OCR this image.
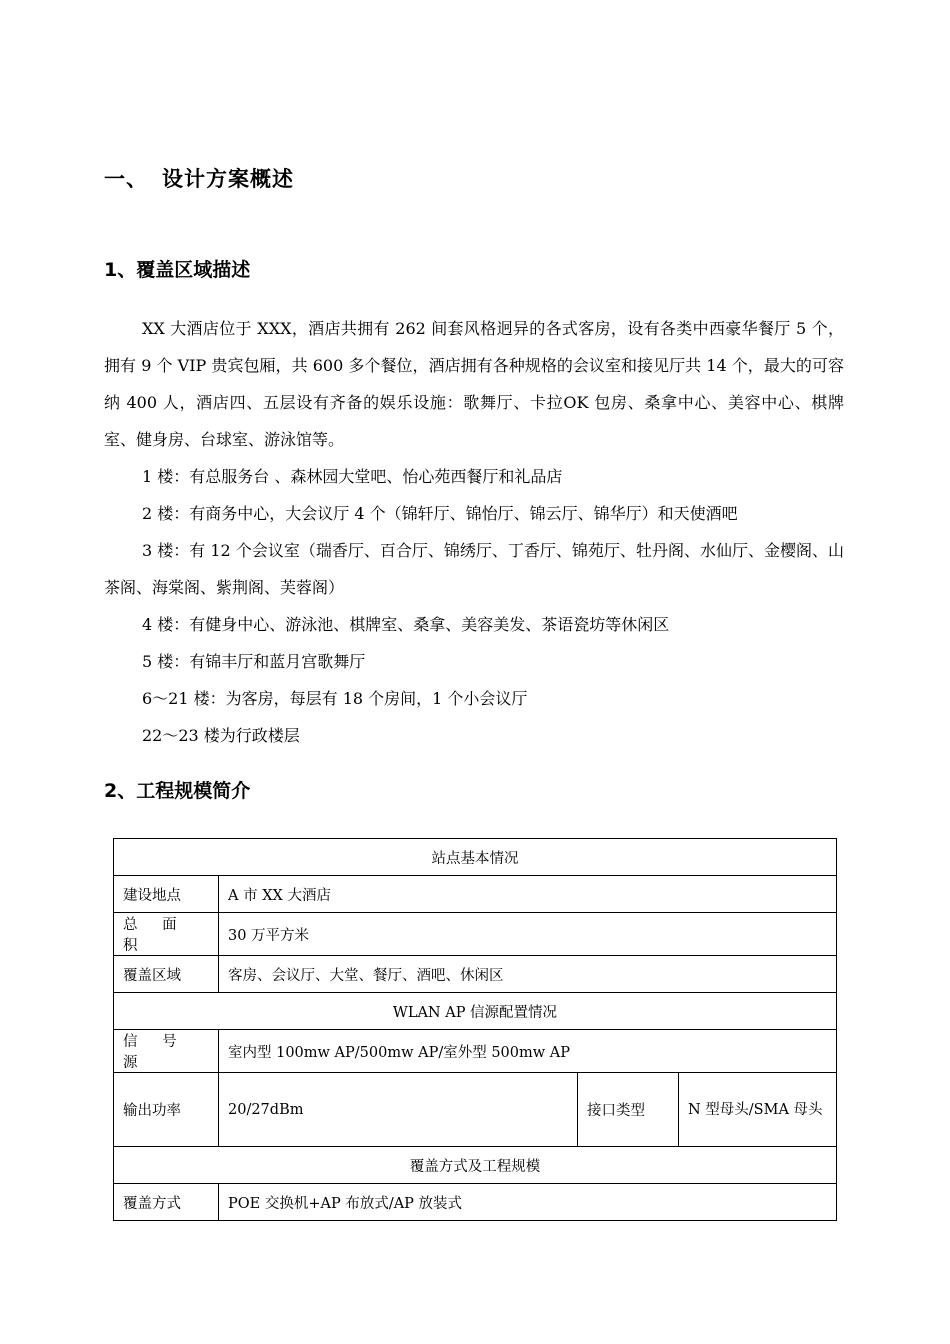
一、 设计方案概述
1、覆盖区域描述

XX 大酒店位于 XXX，酒店共拥有 262 间套风格迥异的各式客房，设有各类中西豪华餐厅 5 个，拥有 9 个 VIP 贵宾包厢，共 600 多个餐位，酒店拥有各种规格的会议室和接见厅共 14 个，最大的可容纳 400 人，酒店四、五层设有齐备的娱乐设施：歌舞厅、卡拉OK 包房、桑拿中心、美容中心、棋牌室、健身房、台球室、游泳馆等。

1 楼：有总服务台 、森林园大堂吧、怡心苑西餐厅和礼品店

2 楼：有商务中心，大会议厅 4 个（锦轩厅、锦怡厅、锦云厅、锦华厅）和天使酒吧

3 楼：有 12 个会议室（瑞香厅、百合厅、锦绣厅、丁香厅、锦苑厅、牡丹阁、水仙厅、金樱阁、山茶阁、海棠阁、紫荆阁、芙蓉阁）

4 楼：有健身中心、游泳池、棋牌室、桑拿、美容美发、茶语瓷坊等休闲区

5 楼：有锦丰厅和蓝月宫歌舞厅

6～21 楼：为客房，每层有 18 个房间，1 个小会议厅

22～23 楼为行政楼层

2、工程规模简介
站点基本情况			
建设地点	A 市 XX 大酒店		
总 面 积	30 万平方米		
覆盖区域	客房、会议厅、大堂、餐厅、酒吧、休闲区		
WLAN AP 信源配置情况			
信 号 源	室内型 100mw AP/500mw AP/室外型 500mw AP		
输出功率	20/27dBm	接口类型	N 型母头/SMA 母头
覆盖方式及工程规模			
覆盖方式	POE 交换机+AP 布放式/AP 放装式		
